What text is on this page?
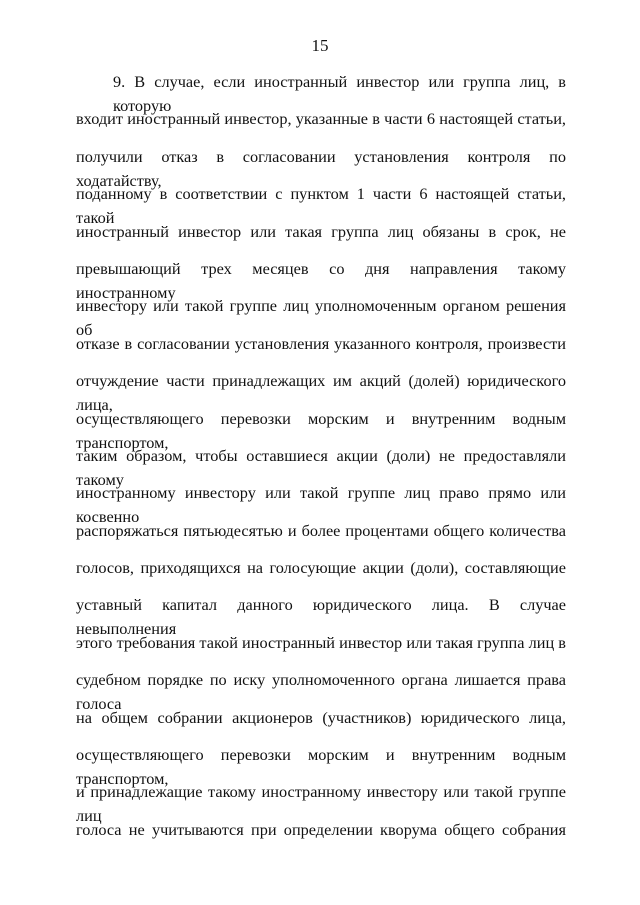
15
9. В случае, если иностранный инвестор или группа лиц, в которую
входит иностранный инвестор, указанные в части 6 настоящей статьи,
получили отказ в согласовании установления контроля по ходатайству,
поданному в соответствии с пунктом 1 части 6 настоящей статьи, такой
иностранный инвестор или такая группа лиц обязаны в срок, не
превышающий трех месяцев со дня направления такому иностранному
инвестору или такой группе лиц уполномоченным органом решения об
отказе в согласовании установления указанного контроля, произвести
отчуждение части принадлежащих им акций (долей) юридического лица,
осуществляющего перевозки морским и внутренним водным транспортом,
таким образом, чтобы оставшиеся акции (доли) не предоставляли такому
иностранному инвестору или такой группе лиц право прямо или косвенно
распоряжаться пятьюдесятью и более процентами общего количества
голосов, приходящихся на голосующие акции (доли), составляющие
уставный капитал данного юридического лица. В случае невыполнения
этого требования такой иностранный инвестор или такая группа лиц в
судебном порядке по иску уполномоченного органа лишается права голоса
на общем собрании акционеров (участников) юридического лица,
осуществляющего перевозки морским и внутренним водным транспортом,
и принадлежащие такому иностранному инвестору или такой группе лиц
голоса не учитываются при определении кворума общего собрания
